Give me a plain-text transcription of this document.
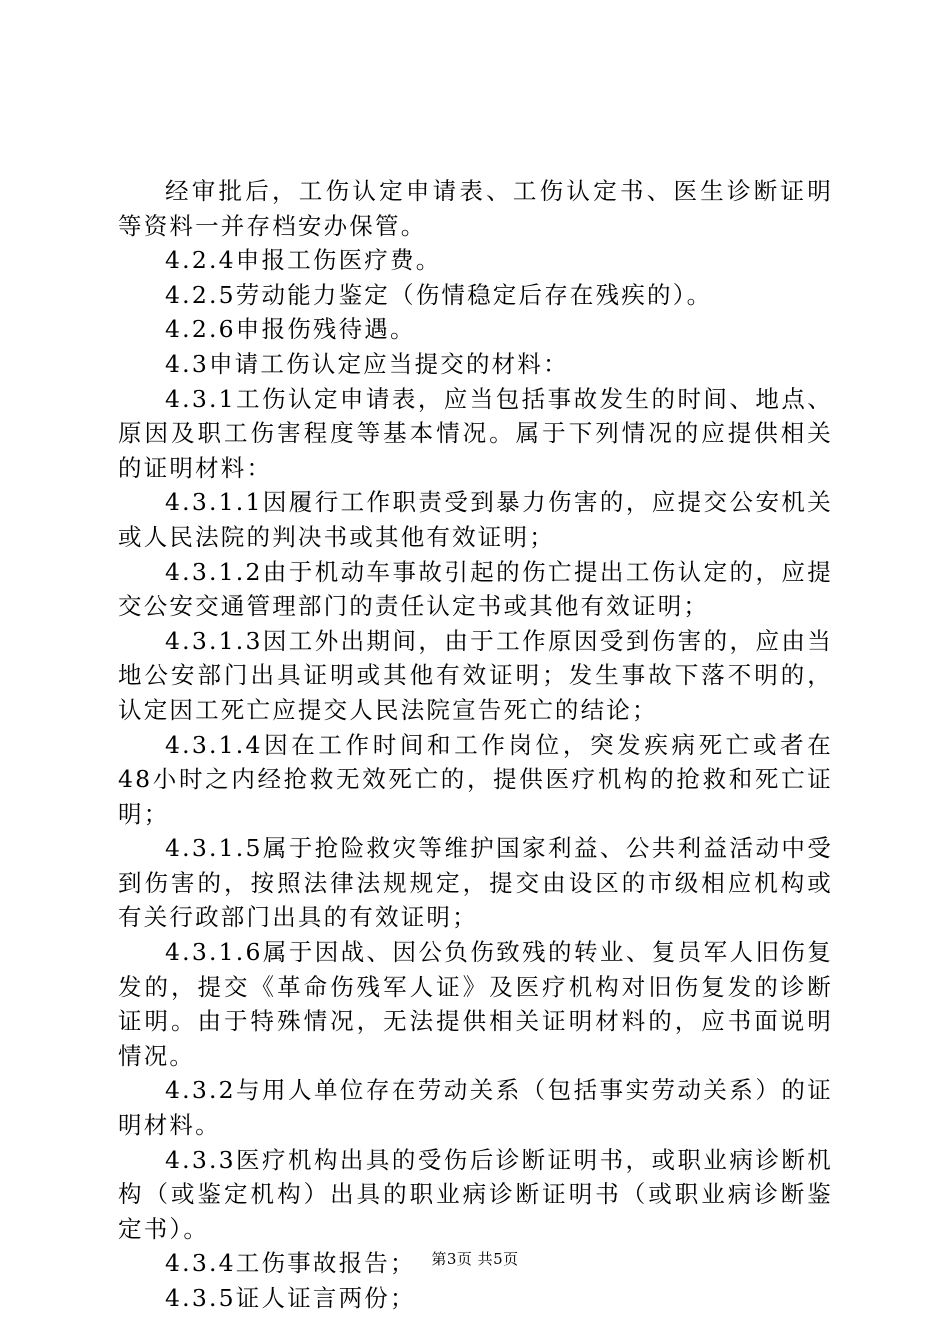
经审批后，工伤认定申请表、工伤认定书、医生诊断证明等资料一并存档安办保管。

4.2.4申报工伤医疗费。

4.2.5劳动能力鉴定（伤情稳定后存在残疾的）。

4.2.6申报伤残待遇。

4.3申请工伤认定应当提交的材料：

4.3.1工伤认定申请表，应当包括事故发生的时间、地点、原因及职工伤害程度等基本情况。属于下列情况的应提供相关的证明材料：

4.3.1.1因履行工作职责受到暴力伤害的，应提交公安机关或人民法院的判决书或其他有效证明；

4.3.1.2由于机动车事故引起的伤亡提出工伤认定的，应提交公安交通管理部门的责任认定书或其他有效证明；

4.3.1.3因工外出期间，由于工作原因受到伤害的，应由当地公安部门出具证明或其他有效证明；发生事故下落不明的，认定因工死亡应提交人民法院宣告死亡的结论；

4.3.1.4因在工作时间和工作岗位，突发疾病死亡或者在48小时之内经抢救无效死亡的，提供医疗机构的抢救和死亡证明；

4.3.1.5属于抢险救灾等维护国家利益、公共利益活动中受到伤害的，按照法律法规规定，提交由设区的市级相应机构或有关行政部门出具的有效证明；

4.3.1.6属于因战、因公负伤致残的转业、复员军人旧伤复发的，提交《革命伤残军人证》及医疗机构对旧伤复发的诊断证明。由于特殊情况，无法提供相关证明材料的，应书面说明情况。

4.3.2与用人单位存在劳动关系（包括事实劳动关系）的证明材料。

4.3.3医疗机构出具的受伤后诊断证明书，或职业病诊断机构（或鉴定机构）出具的职业病诊断证明书（或职业病诊断鉴定书）。

4.3.4工伤事故报告；

4.3.5证人证言两份；

第3页 共5页
